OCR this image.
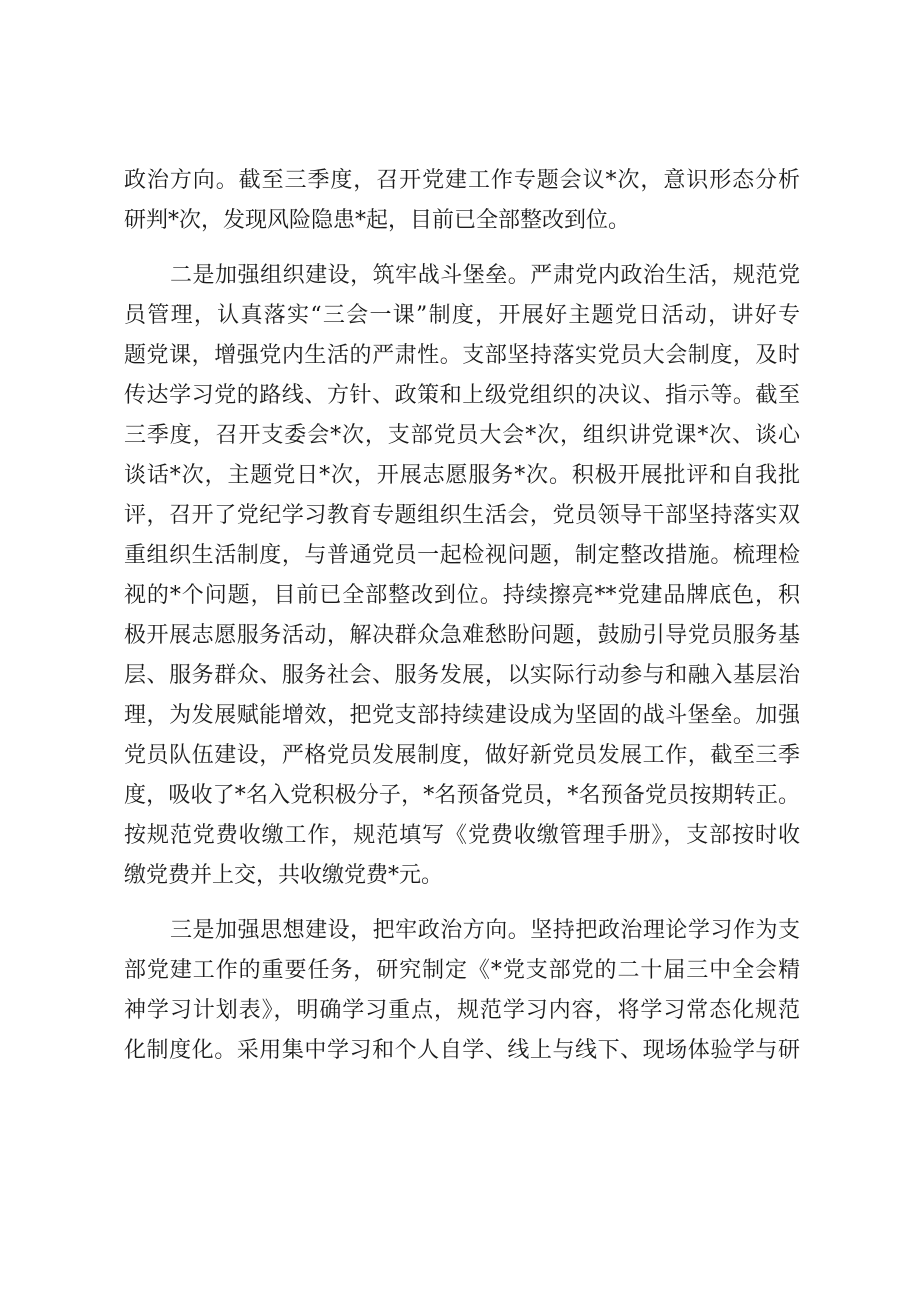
政治方向。截至三季度，召开党建工作专题会议*次，意识形态分析
研判*次，发现风险隐患*起，目前已全部整改到位。
二是加强组织建设，筑牢战斗堡垒。严肃党内政治生活，规范党
员管理，认真落实“三会一课”制度，开展好主题党日活动，讲好专
题党课，增强党内生活的严肃性。支部坚持落实党员大会制度，及时
传达学习党的路线、方针、政策和上级党组织的决议、指示等。截至
三季度，召开支委会*次，支部党员大会*次，组织讲党课*次、谈心
谈话*次，主题党日*次，开展志愿服务*次。积极开展批评和自我批
评，召开了党纪学习教育专题组织生活会，党员领导干部坚持落实双
重组织生活制度，与普通党员一起检视问题，制定整改措施。梳理检
视的*个问题，目前已全部整改到位。持续擦亮**党建品牌底色，积
极开展志愿服务活动，解决群众急难愁盼问题，鼓励引导党员服务基
层、服务群众、服务社会、服务发展，以实际行动参与和融入基层治
理，为发展赋能增效，把党支部持续建设成为坚固的战斗堡垒。加强
党员队伍建设，严格党员发展制度，做好新党员发展工作，截至三季
度，吸收了*名入党积极分子，*名预备党员，*名预备党员按期转正。
按规范党费收缴工作，规范填写《党费收缴管理手册》，支部按时收
缴党费并上交，共收缴党费*元。
三是加强思想建设，把牢政治方向。坚持把政治理论学习作为支
部党建工作的重要任务，研究制定《*党支部党的二十届三中全会精
神学习计划表》，明确学习重点，规范学习内容，将学习常态化规范
化制度化。采用集中学习和个人自学、线上与线下、现场体验学与研
